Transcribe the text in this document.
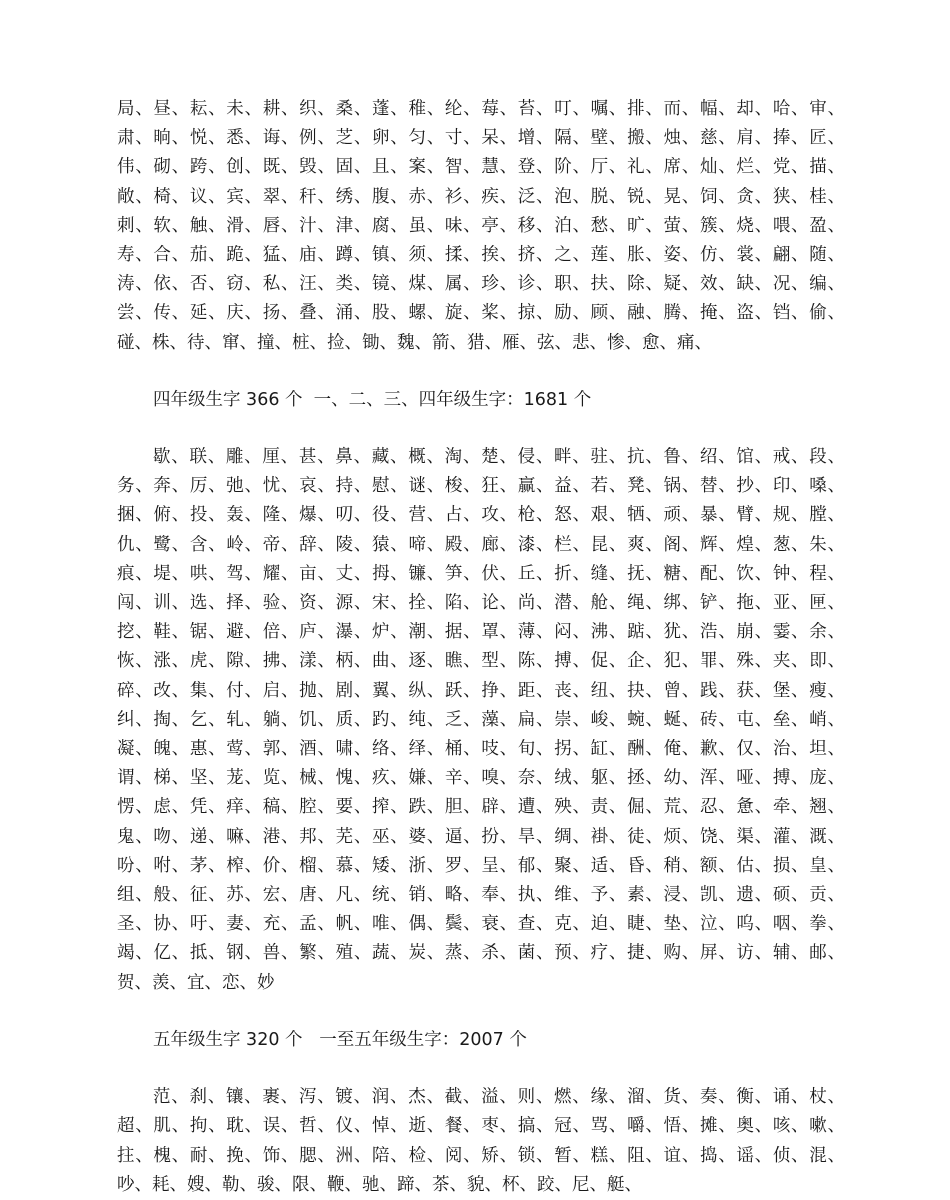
局、昼、耘、未、耕、织、桑、蓬、稚、纶、莓、苔、叮、嘱、排、而、幅、却、哈、审、肃、晌、悦、悉、诲、例、芝、卵、匀、寸、呆、增、隔、壁、搬、烛、慈、肩、捧、匠、伟、砌、跨、创、既、毁、固、且、案、智、慧、登、阶、厅、礼、席、灿、烂、党、描、敞、椅、议、宾、翠、秆、绣、腹、赤、衫、疾、泛、泡、脱、锐、晃、饲、贪、狭、桂、刺、软、触、滑、唇、汁、津、腐、虽、味、亭、移、泊、愁、旷、萤、簇、烧、喂、盈、寿、合、茄、跪、猛、庙、蹲、镇、须、揉、挨、挤、之、莲、胀、姿、仿、裳、翩、随、涛、依、否、窃、私、汪、类、镜、煤、属、珍、诊、职、扶、除、疑、效、缺、况、编、尝、传、延、庆、扬、叠、涌、股、螺、旋、桨、掠、励、顾、融、腾、掩、盗、铛、偷、碰、株、待、窜、撞、桩、捡、锄、魏、箭、猎、雁、弦、悲、惨、愈、痛、

四年级生字 366 个  一、二、三、四年级生字：1681 个

歇、联、雕、厘、甚、鼻、藏、概、淘、楚、侵、畔、驻、抗、鲁、绍、馆、戒、段、务、奔、厉、弛、忧、哀、持、慰、谜、梭、狂、赢、益、若、凳、锅、替、抄、印、嗓、捆、俯、投、轰、隆、爆、叨、役、营、占、攻、枪、怒、艰、牺、顽、暴、臂、规、膛、仇、鹭、含、岭、帝、辞、陵、猿、啼、殿、廊、漆、栏、昆、爽、阁、辉、煌、葱、朱、痕、堤、哄、驾、耀、亩、丈、拇、镰、笋、伏、丘、折、缝、抚、糖、配、饮、钟、程、闯、训、选、择、验、资、源、宋、拴、陷、论、尚、潜、舱、绳、绑、铲、拖、亚、匣、挖、鞋、锯、避、倍、庐、瀑、炉、潮、据、罩、薄、闷、沸、踮、犹、浩、崩、霎、余、恢、涨、虎、隙、拂、漾、柄、曲、逐、瞧、型、陈、搏、促、企、犯、罪、殊、夹、即、碎、改、集、付、启、抛、剧、翼、纵、跃、挣、距、丧、纽、抉、曾、践、获、堡、瘦、纠、掏、乞、轧、躺、饥、质、趵、纯、乏、藻、扁、崇、峻、蜿、蜒、砖、屯、垒、峭、凝、魄、惠、莺、郭、酒、啸、络、绎、桶、吱、旬、拐、缸、酬、俺、歉、仅、治、坦、谓、梯、坚、茏、览、械、愧、疚、嫌、辛、嗅、奈、绒、躯、拯、幼、浑、哑、搏、庞、愣、虑、凭、痒、稿、腔、要、搾、跌、胆、辟、遭、殃、责、倔、荒、忍、惫、牵、翘、鬼、吻、递、嘛、港、邦、芜、巫、婆、逼、扮、旱、绸、褂、徒、烦、饶、渠、灌、溉、吩、咐、茅、榨、价、榴、慕、矮、浙、罗、呈、郁、聚、适、昏、稍、额、估、损、皇、组、般、征、苏、宏、唐、凡、统、销、略、奉、执、维、予、素、浸、凯、遗、硕、贡、圣、协、吁、妻、充、孟、帆、唯、偶、鬓、衰、查、克、迫、睫、垫、泣、呜、咽、拳、竭、亿、抵、钢、兽、繁、殖、蔬、炭、蒸、杀、菌、预、疗、捷、购、屏、访、辅、邮、贺、羡、宜、恋、妙

五年级生字 320 个   一至五年级生字：2007 个

范、刹、镶、裹、泻、镀、润、杰、截、溢、则、燃、缘、溜、货、奏、衡、诵、杖、超、肌、拘、耽、误、哲、仪、悼、逝、餐、枣、搞、冠、骂、嚼、悟、摊、奥、咳、嗽、拄、槐、耐、挽、饰、腮、洲、陪、检、阅、矫、锁、暂、糕、阻、谊、捣、谣、侦、混、吵、耗、嫂、勒、骏、限、鞭、驰、蹄、茶、貌、杯、跤、尼、艇、
